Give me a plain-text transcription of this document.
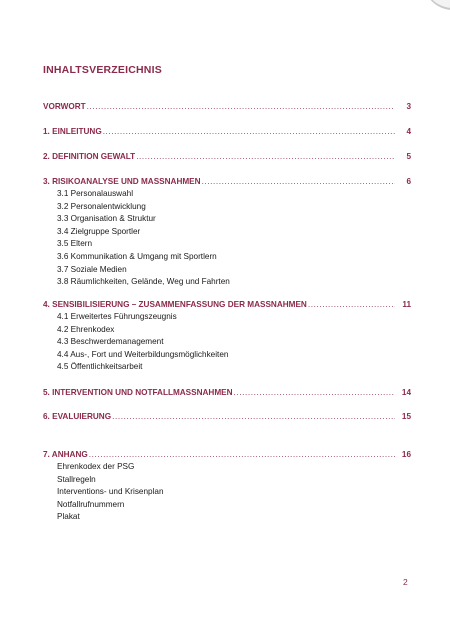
INHALTSVERZEICHNIS
VORWORT .....	3
1. EINLEITUNG .....	4
2. DEFINITION GEWALT .....	5
3. RISIKOANALYSE UND MASSNAHMEN .....	6
3.1 Personalauswahl
3.2 Personalentwicklung
3.3 Organisation & Struktur
3.4 Zielgruppe Sportler
3.5 Eltern
3.6 Kommunikation & Umgang mit Sportlern
3.7 Soziale Medien
3.8 Räumlichkeiten, Gelände, Weg und Fahrten
4. SENSIBILISIERUNG – ZUSAMMENFASSUNG DER MASSNAHMEN .....	11
4.1 Erweitertes Führungszeugnis
4.2 Ehrenkodex
4.3 Beschwerdemanagement
4.4 Aus-, Fort und Weiterbildungsmöglichkeiten
4.5 Öffentlichkeitsarbeit
5. INTERVENTION UND NOTFALLMASSNAHMEN .....	14
6. EVALUIERUNG .....	15
7. ANHANG .....	16
Ehrenkodex der PSG
Stallregeln
Interventions- und Krisenplan
Notfallrufnummern
Plakat
2
